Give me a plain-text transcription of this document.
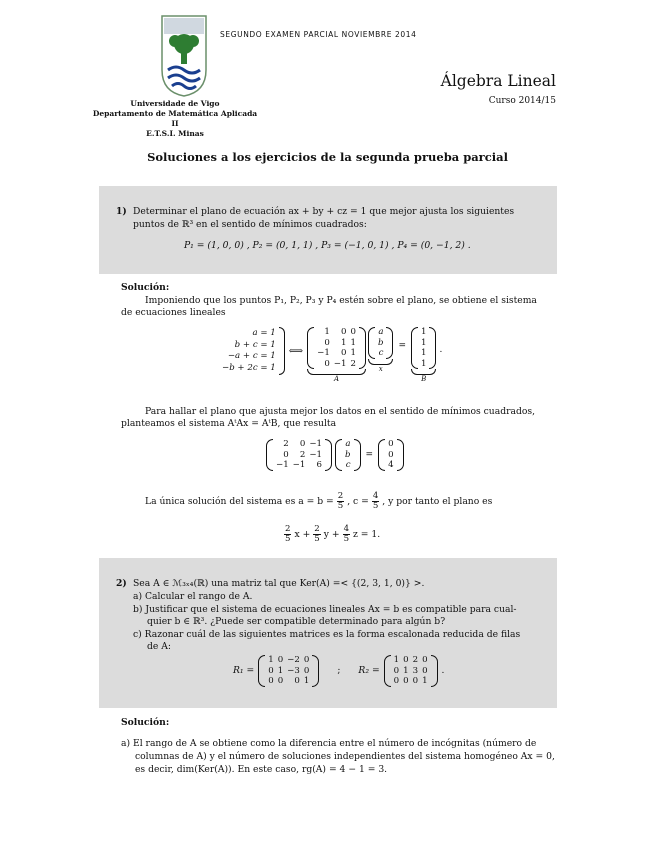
SEGUNDO EXAMEN PARCIAL NOVIEMBRE 2014
Universidade de Vigo
Departamento de Matemática Aplicada II
E.T.S.I. Minas
Álgebra Lineal
Curso 2014/15
Soluciones a los ejercicios de la segunda prueba parcial
1) Determinar el plano de ecuación ax + by + cz = 1 que mejor ajusta los siguientes
puntos de ℝ³ en el sentido de mínimos cuadrados:
P₁ = (1, 0, 0) , P₂ = (0, 1, 1) , P₃ = (−1, 0, 1) , P₄ = (0, −1, 2) .
Solución:
Imponiendo que los puntos P₁, P₂, P₃ y P₄ estén sobre el plano, se obtiene el sistema
de ecuaciones lineales
a = 1
b + c = 1
−a + c = 1
−b + 2c = 1
⟺
1	0	0
0	1	1
−1	0	1
0	−1	2
A
a
b
c
x
=
1
1
1
1
B
.
Para hallar el plano que ajusta mejor los datos en el sentido de mínimos cuadrados,
planteamos el sistema AᵗAx = AᵗB, que resulta
2	0	−1
0	2	−1
−1	−1	6
a
b
c
=
0
0
4
La única solución del sistema es $a = b = \frac{2}{5}$ , $c = \frac{4}{5}$ , y por tanto el plano es
$\frac{2}{5}$ $x + \frac{2}{5}$ $y + \frac{4}{5}$ z = 1.
2) Sea A ∈ ℳ₃ₓ₄(ℝ) una matriz tal que Ker(A) =< {(2, 3, 1, 0)} >.
a) Calcular el rango de A.
b) Justificar que el sistema de ecuaciones lineales Ax = b es compatible para cual-
quier b ∈ ℝ³. ¿Puede ser compatible determinado para algún b?
c) Razonar cuál de las siguientes matrices es la forma escalonada reducida de filas
de A:
R₁ =
1	0	−2	0
0	1	−3	0
0	0	0	1
; R₂ =
1	0	2	0
0	1	3	0
0	0	0	1
.
Solución:
a) El rango de A se obtiene como la diferencia entre el número de incógnitas (número de
columnas de A) y el número de soluciones independientes del sistema homogéneo Ax = 0,
es decir, dim(Ker(A)). En este caso, rg(A) = 4 − 1 = 3.
